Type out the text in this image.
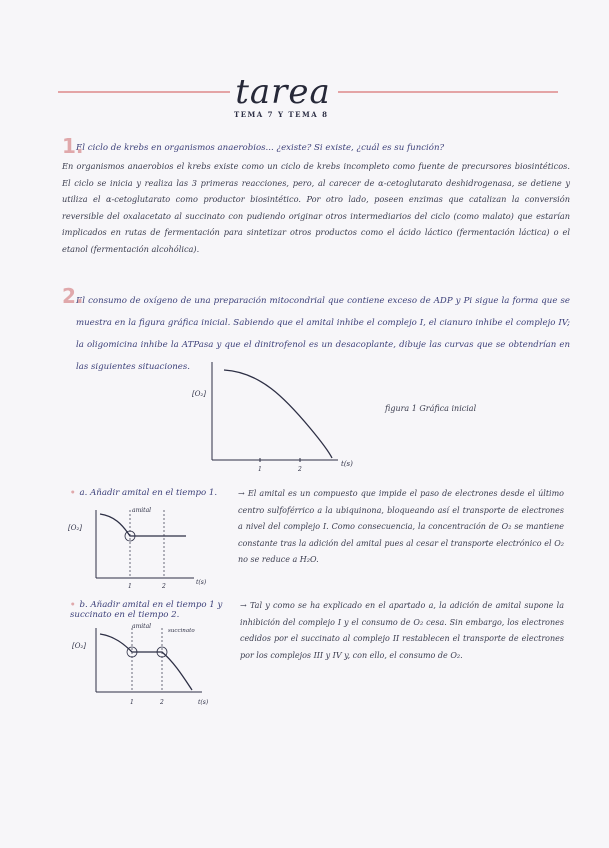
tarea
TEMA 7 Y TEMA 8
1.
El ciclo de krebs en organismos anaerobios... ¿existe? Si existe, ¿cuál es su función?
En organismos anaerobios el krebs existe como un ciclo de krebs incompleto como fuente de precursores biosintéticos. El ciclo se inicia y realiza las 3 primeras reacciones, pero, al carecer de α-cetoglutarato deshidrogenasa, se detiene y utiliza el α-cetoglutarato como productor biosintético. Por otro lado, poseen enzimas que catalizan la conversión reversible del oxalacetato al succinato con pudiendo originar otros intermediarios del ciclo (como malato) que estarían implicados en rutas de fermentación para sintetizar otros productos como el ácido láctico (fermentación láctica) o el etanol (fermentación alcohólica).
2.
El consumo de oxígeno de una preparación mitocondrial que contiene exceso de ADP y Pi sigue la forma que se muestra en la figura gráfica inicial. Sabiendo que el amital inhibe el complejo I, el cianuro inhibe el complejo IV; la oligomicina inhibe la ATPasa y que el dinitrofenol es un desacoplante, dibuje las curvas que se obtendrían en las siguientes situaciones.
[O₂]
t(s)
1	2
figura 1 Gráfica inicial
• a. Añadir amital en el tiempo 1.	→ El amital es un compuesto que impide el paso de electrones desde el último centro sulfoférrico a la ubiquinona, bloqueando así el transporte de electrones a nivel del complejo I. Como consecuencia, la concentración de O₂ se mantiene constante tras la adición del amital pues al cesar el transporte electrónico el O₂ no se reduce a H₂O.
amital
[O₂]
t(s)
1	2
• b. Añadir amital en el tiempo 1 y succinato en el tiempo 2.
→ Tal y como se ha explicado en el apartado a, la adición de amital supone la inhibición del complejo I y el consumo de O₂ cesa. Sin embargo, los electrones cedidos por el succinato al complejo II restablecen el transporte de electrones por los complejos III y IV y, con ello, el consumo de O₂.
amital
succinato
[O₂]
t(s)
1	2
